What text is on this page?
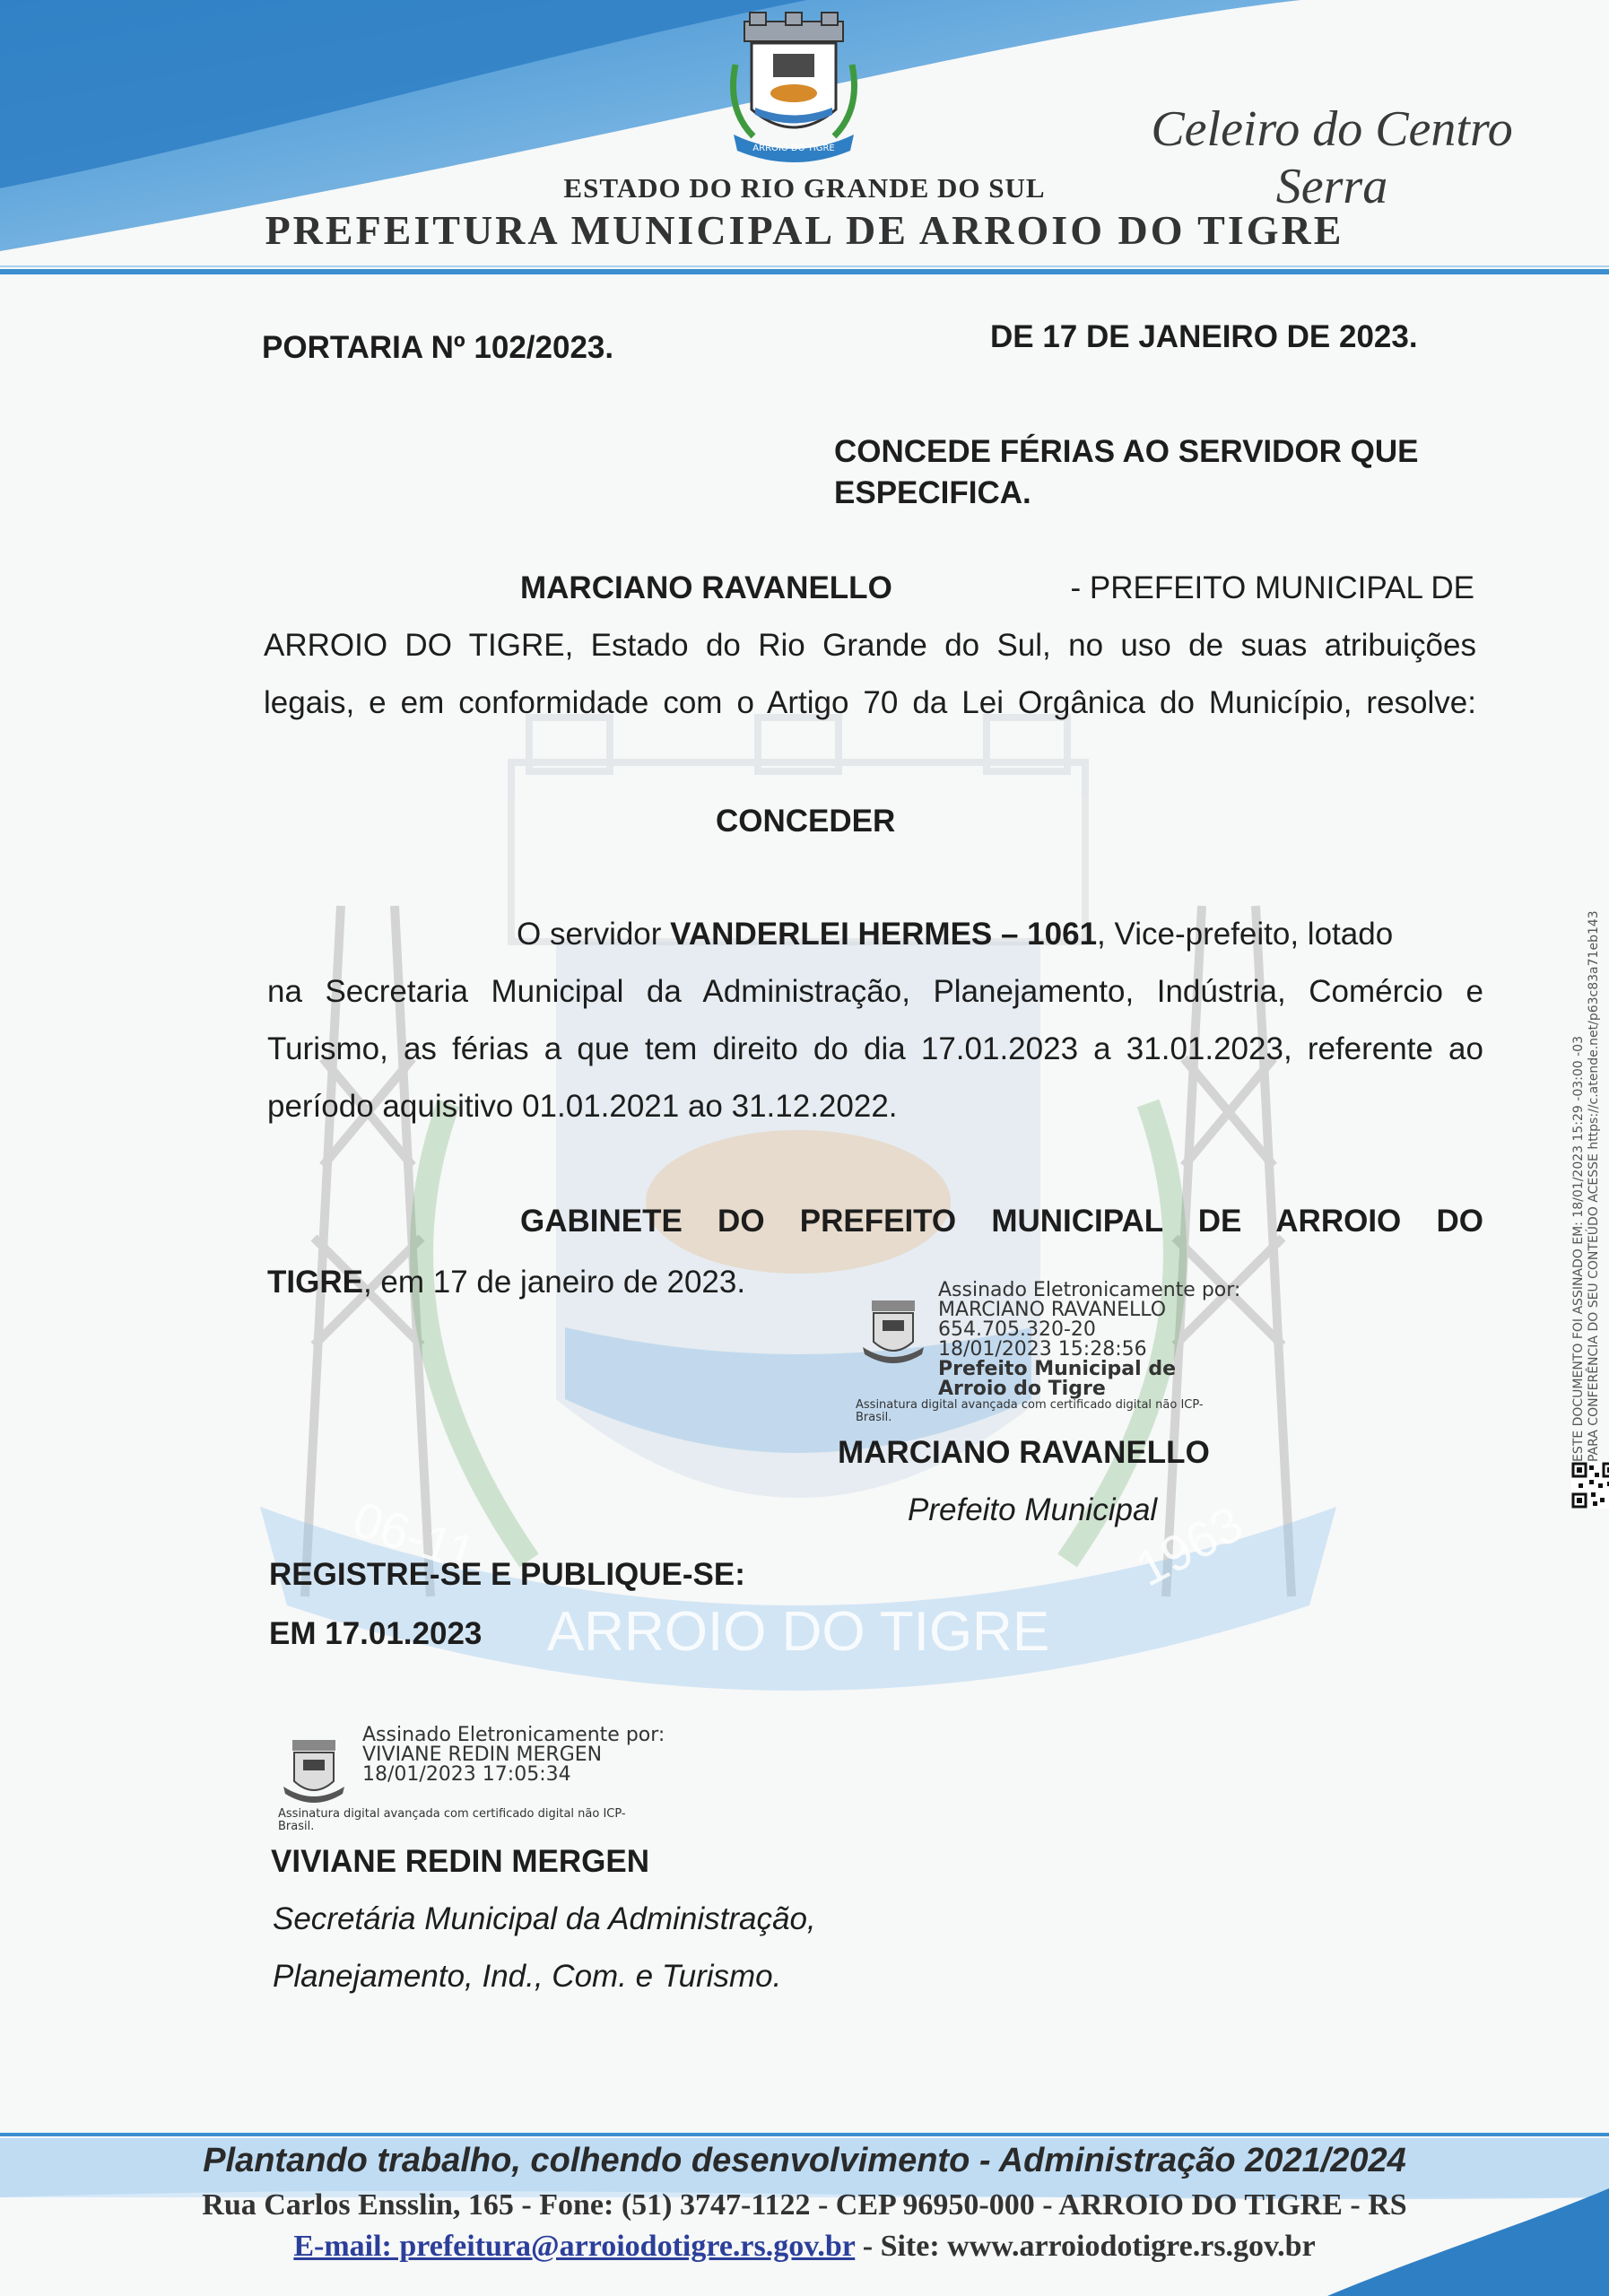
ARROIO DO TIGRE	Celeiro do Centro Serra
ESTADO DO RIO GRANDE DO SUL
PREFEITURA MUNICIPAL DE ARROIO DO TIGRE
ARROIO DO TIGRE
1963
06-11
PORTARIA Nº 102/2023.	DE 17 DE JANEIRO DE 2023.
CONCEDE FÉRIAS AO SERVIDOR QUE
ESPECIFICA.
MARCIANO RAVANELLO	- PREFEITO MUNICIPAL DE
ARROIO DO TIGRE, Estado do Rio Grande do Sul, no uso de suas atribuições
legais, e em conformidade com o Artigo 70 da Lei Orgânica do Município, resolve:
CONCEDER
O servidor VANDERLEI HERMES – 1061, Vice-prefeito, lotado
na Secretaria Municipal da Administração, Planejamento, Indústria, Comércio e
Turismo, as férias a que tem direito do dia 17.01.2023 a 31.01.2023, referente ao
período aquisitivo 01.01.2021 ao 31.12.2022.
GABINETE DO PREFEITO MUNICIPAL DE ARROIO DO
TIGRE, em 17 de janeiro de 2023.	Assinado Eletronicamente por:
MARCIANO RAVANELLO
654.705.320-20
18/01/2023 15:28:56
Prefeito Municipal de
Arroio do Tigre
Assinatura digital avançada com certificado digital não ICP-
Brasil.
MARCIANO RAVANELLO
Prefeito Municipal
REGISTRE-SE E PUBLIQUE-SE:
EM 17.01.2023
Assinado Eletronicamente por:
VIVIANE REDIN MERGEN
18/01/2023 17:05:34
Assinatura digital avançada com certificado digital não ICP-
Brasil.
VIVIANE REDIN MERGEN
Secretária Municipal da Administração,
Planejamento, Ind., Com. e Turismo.
ESTE DOCUMENTO FOI ASSINADO EM: 18/01/2023 15:29 -03:00 -03 PARA CONFERÊNCIA DO SEU CONTEÚDO ACESSE https://c.atende.net/p63c83a71eb143
Plantando trabalho, colhendo desenvolvimento - Administração 2021/2024
Rua Carlos Ensslin, 165 - Fone: (51) 3747-1122 - CEP 96950-000 - ARROIO DO TIGRE - RS
E-mail: prefeitura@arroiodotigre.rs.gov.br - Site: www.arroiodotigre.rs.gov.br
